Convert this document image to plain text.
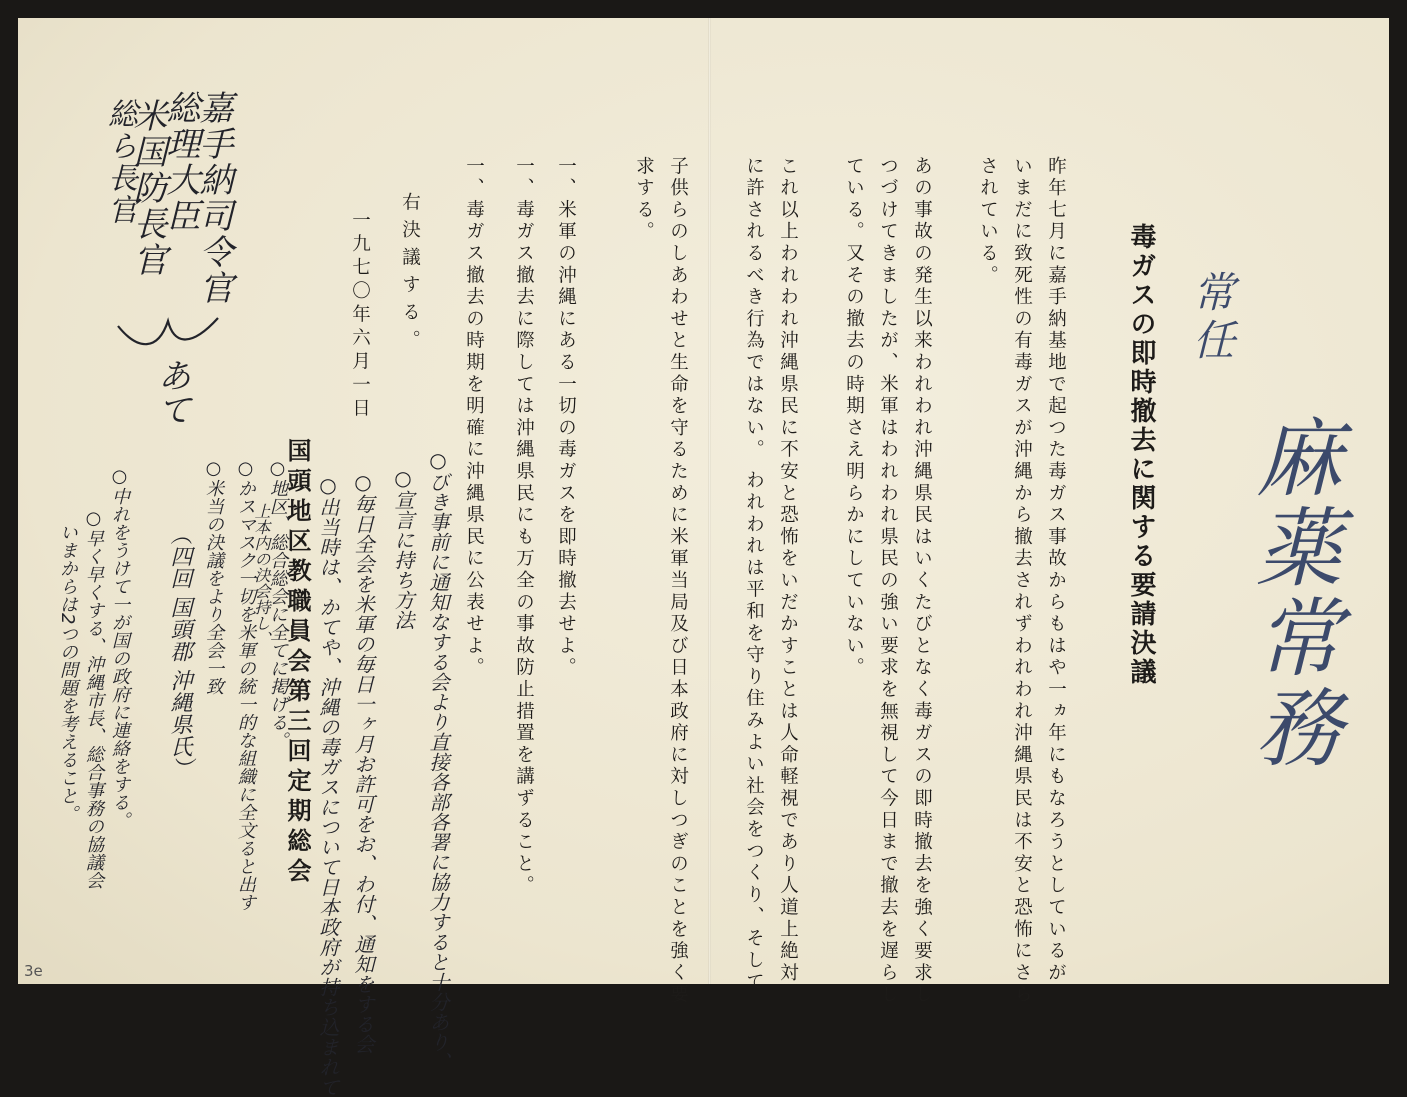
常任
麻薬常務
毒ガスの即時撤去に関する要請決議
昨年七月に嘉手納基地で起つた毒ガス事故からもはや一ヵ年にもなろうとしているが
いまだに致死性の有毒ガスが沖縄から撤去されずわれわれ沖縄県民は不安と恐怖にさら
されている。
あの事故の発生以来われわれ沖縄県民はいくたびとなく毒ガスの即時撤去を強く要求し
つづけてきましたが、米軍はわれわれ県民の強い要求を無視して今日まで撤去を遅らし
ている。又その撤去の時期さえ明らかにしていない。
これ以上われわれ沖縄県民に不安と恐怖をいだかすことは人命軽視であり人道上絶対
に許されるべき行為ではない。 われわれは平和を守り住みよい社会をつくり、そして
子供らのしあわせと生命を守るために米軍当局及び日本政府に対しつぎのことを強く要
求する。
一、米軍の沖縄にある一切の毒ガスを即時撤去せよ。
一、毒ガス撤去に際しては沖縄県民にも万全の事故防止措置を講ずること。
一、毒ガス撤去の時期を明確に沖縄県民に公表せよ。
右決議する。
一九七〇年六月一日
国頭地区教職員会第三回定期総会
嘉手納司令官
総理大臣
米国防長官
総ら長官
あて
○びき事前に通知なする会より直接各部各署に協力すると十分あり、
○宣言に持ち方法
○毎日全会を米軍の毎日一ヶ月お許可をお、わ付、通知をする会
○出当時は、かてや、沖縄の毒ガスについて日本政府が持ち込まれて
○地区、総合総会に全てに掲げる。
○かスマスク一切を米軍の統一的な組織に全文ると出す
○米当の決議をより全会一致
（四回 国頭郡 沖縄県氏）	上本内の決会持し、
○中れをうけて一が国の政府に連絡をする。
○早く早くする、沖縄市長、総合事務の協議会
いまからは2つの問題を考えること。
3e
